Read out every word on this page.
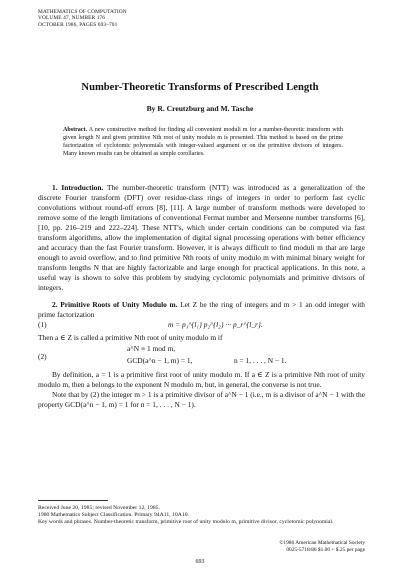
MATHEMATICS OF COMPUTATION
VOLUME 47, NUMBER 176
OCTOBER 1986, PAGES 693–701
Number-Theoretic Transforms of Prescribed Length
By R. Creutzburg and M. Tasche
Abstract. A new constructive method for finding all convenient moduli m for a number-theoretic transform with given length N and given primitive Nth root of unity modulo m is presented. This method is based on the prime factorization of cyclotomic polynomials with integer-valued argument or on the primitive divisors of integers. Many known results can be obtained as simple corollaries.

1. Introduction. The number-theoretic transform (NTT) was introduced as a generalization of the discrete Fourier transform (DFT) over residue-class rings of integers in order to perform fast cyclic convolutions without round-off errors [8], [11]. A large number of transform methods were developed to remove some of the length limitations of conventional Fermat number and Mersenne number transforms [6], [10, pp. 216–219 and 222–224]. These NTT's, which under certain conditions can be computed via fast transform algorithms, allow the implementation of digital signal processing operations with better efficiency and accuracy than the fast Fourier transform. However, it is always difficult to find moduli m that are large enough to avoid overflow, and to find primitive Nth roots of unity modulo m with minimal binary weight for transform lengths N that are highly factorizable and large enough for practical applications. In this note, a useful way is shown to solve this problem by studying cyclotomic polynomials and primitive divisors of integers.

2. Primitive Roots of Unity Modulo m. Let Z be the ring of integers and m > 1 an odd integer with prime factorization

(1)	m = p₁^{l₁} p₂^{l₂} ··· p_r^{l_r}.

Then a ∈ Z is called a primitive Nth root of unity modulo m if

(2)
a^N ≡ 1 mod m,
GCD(a^n − 1, m) = 1,	n = 1, . . . , N − 1.

By definition, a = 1 is a primitive first root of unity modulo m. If a ∈ Z is a primitive Nth root of unity modulo m, then a belongs to the exponent N modulo m, but, in general, the converse is not true.

Note that by (2) the integer m > 1 is a primitive divisor of a^N − 1 (i.e., m is a divisor of a^N − 1 with the property GCD(a^n − 1, m) = 1 for n = 1, . . . , N − 1).

Received June 20, 1985; revised November 12, 1985.
1980 Mathematics Subject Classification. Primary 94A11, 10A10.
Key words and phrases. Number-theoretic transform, primitive root of unity modulo m, primitive divisor, cyclotomic polynomial.
©1986 American Mathematical Society
0025-5718/86 $1.00 + $.25 per page
693
